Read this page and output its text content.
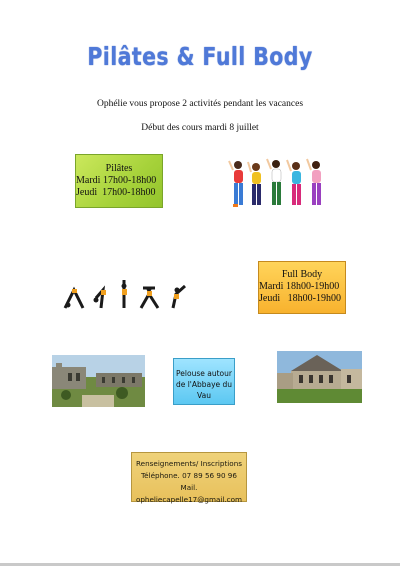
Pilâtes & Full Body
Ophélie vous propose 2 activités pendant les vacances
Début des cours mardi 8 juillet
Pilâtes
Mardi 17h00-18h00
Jeudi  17h00-18h00
Full Body
Mardi 18h00-19h00
Jeudi   18h00-19h00
Pelouse autour
de l'Abbaye du Vau
Renseignements/ Inscriptions
Téléphone. 07 89 56 90 96
Mail. opheliecapelle17@gmail.com
